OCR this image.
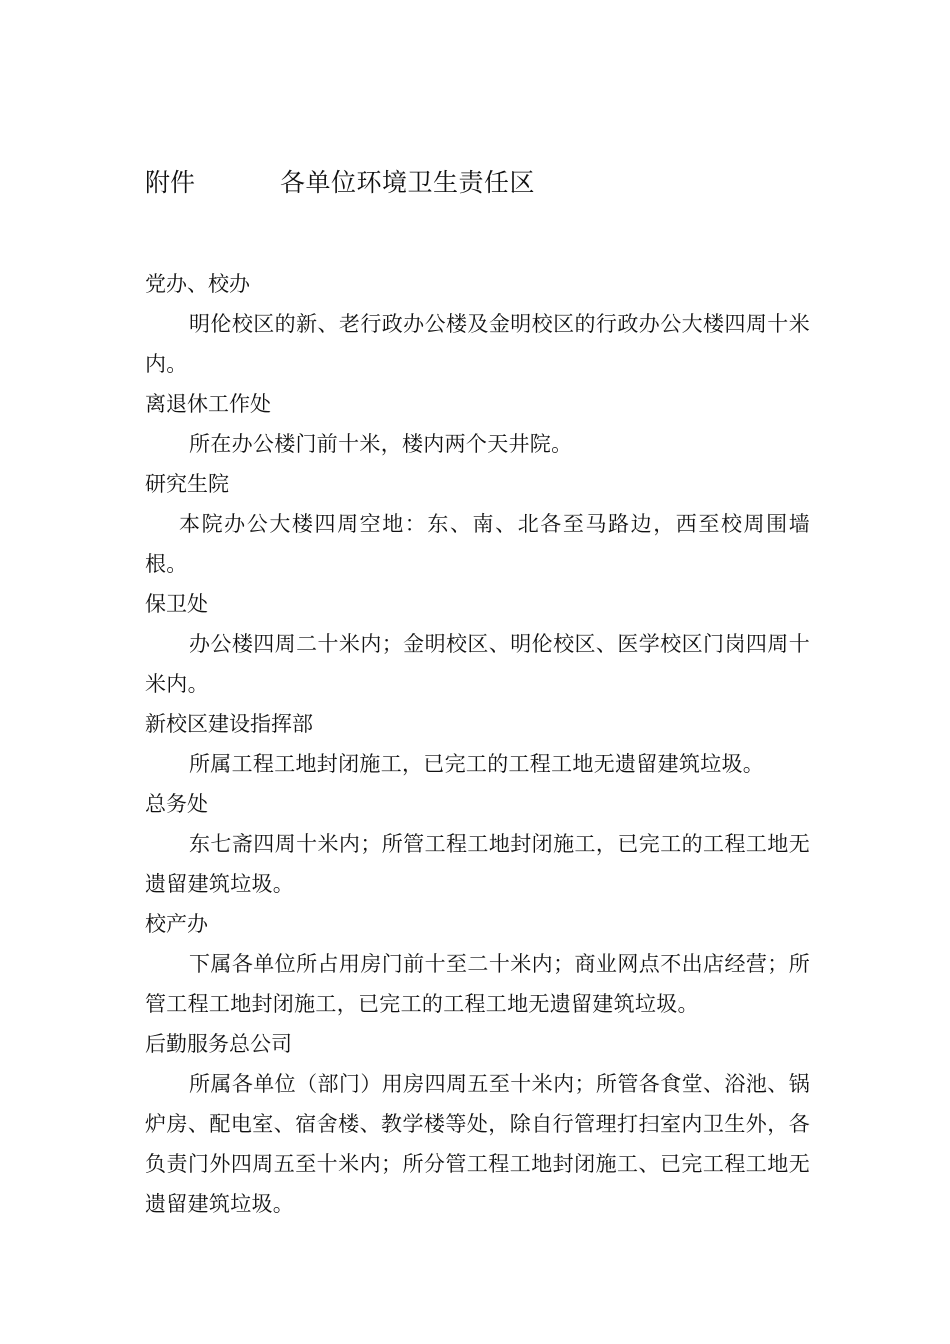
附件	各单位环境卫生责任区
党办、校办
明伦校区的新、老行政办公楼及金明校区的行政办公大楼四周十米内。
离退休工作处
所在办公楼门前十米，楼内两个天井院。
研究生院
本院办公大楼四周空地：东、南、北各至马路边，西至校周围墙根。
保卫处
办公楼四周二十米内；金明校区、明伦校区、医学校区门岗四周十米内。
新校区建设指挥部
所属工程工地封闭施工，已完工的工程工地无遗留建筑垃圾。
总务处
东七斋四周十米内；所管工程工地封闭施工，已完工的工程工地无遗留建筑垃圾。
校产办
下属各单位所占用房门前十至二十米内；商业网点不出店经营；所管工程工地封闭施工，已完工的工程工地无遗留建筑垃圾。
后勤服务总公司
所属各单位（部门）用房四周五至十米内；所管各食堂、浴池、锅炉房、配电室、宿舍楼、教学楼等处，除自行管理打扫室内卫生外，各负责门外四周五至十米内；所分管工程工地封闭施工、已完工程工地无遗留建筑垃圾。
